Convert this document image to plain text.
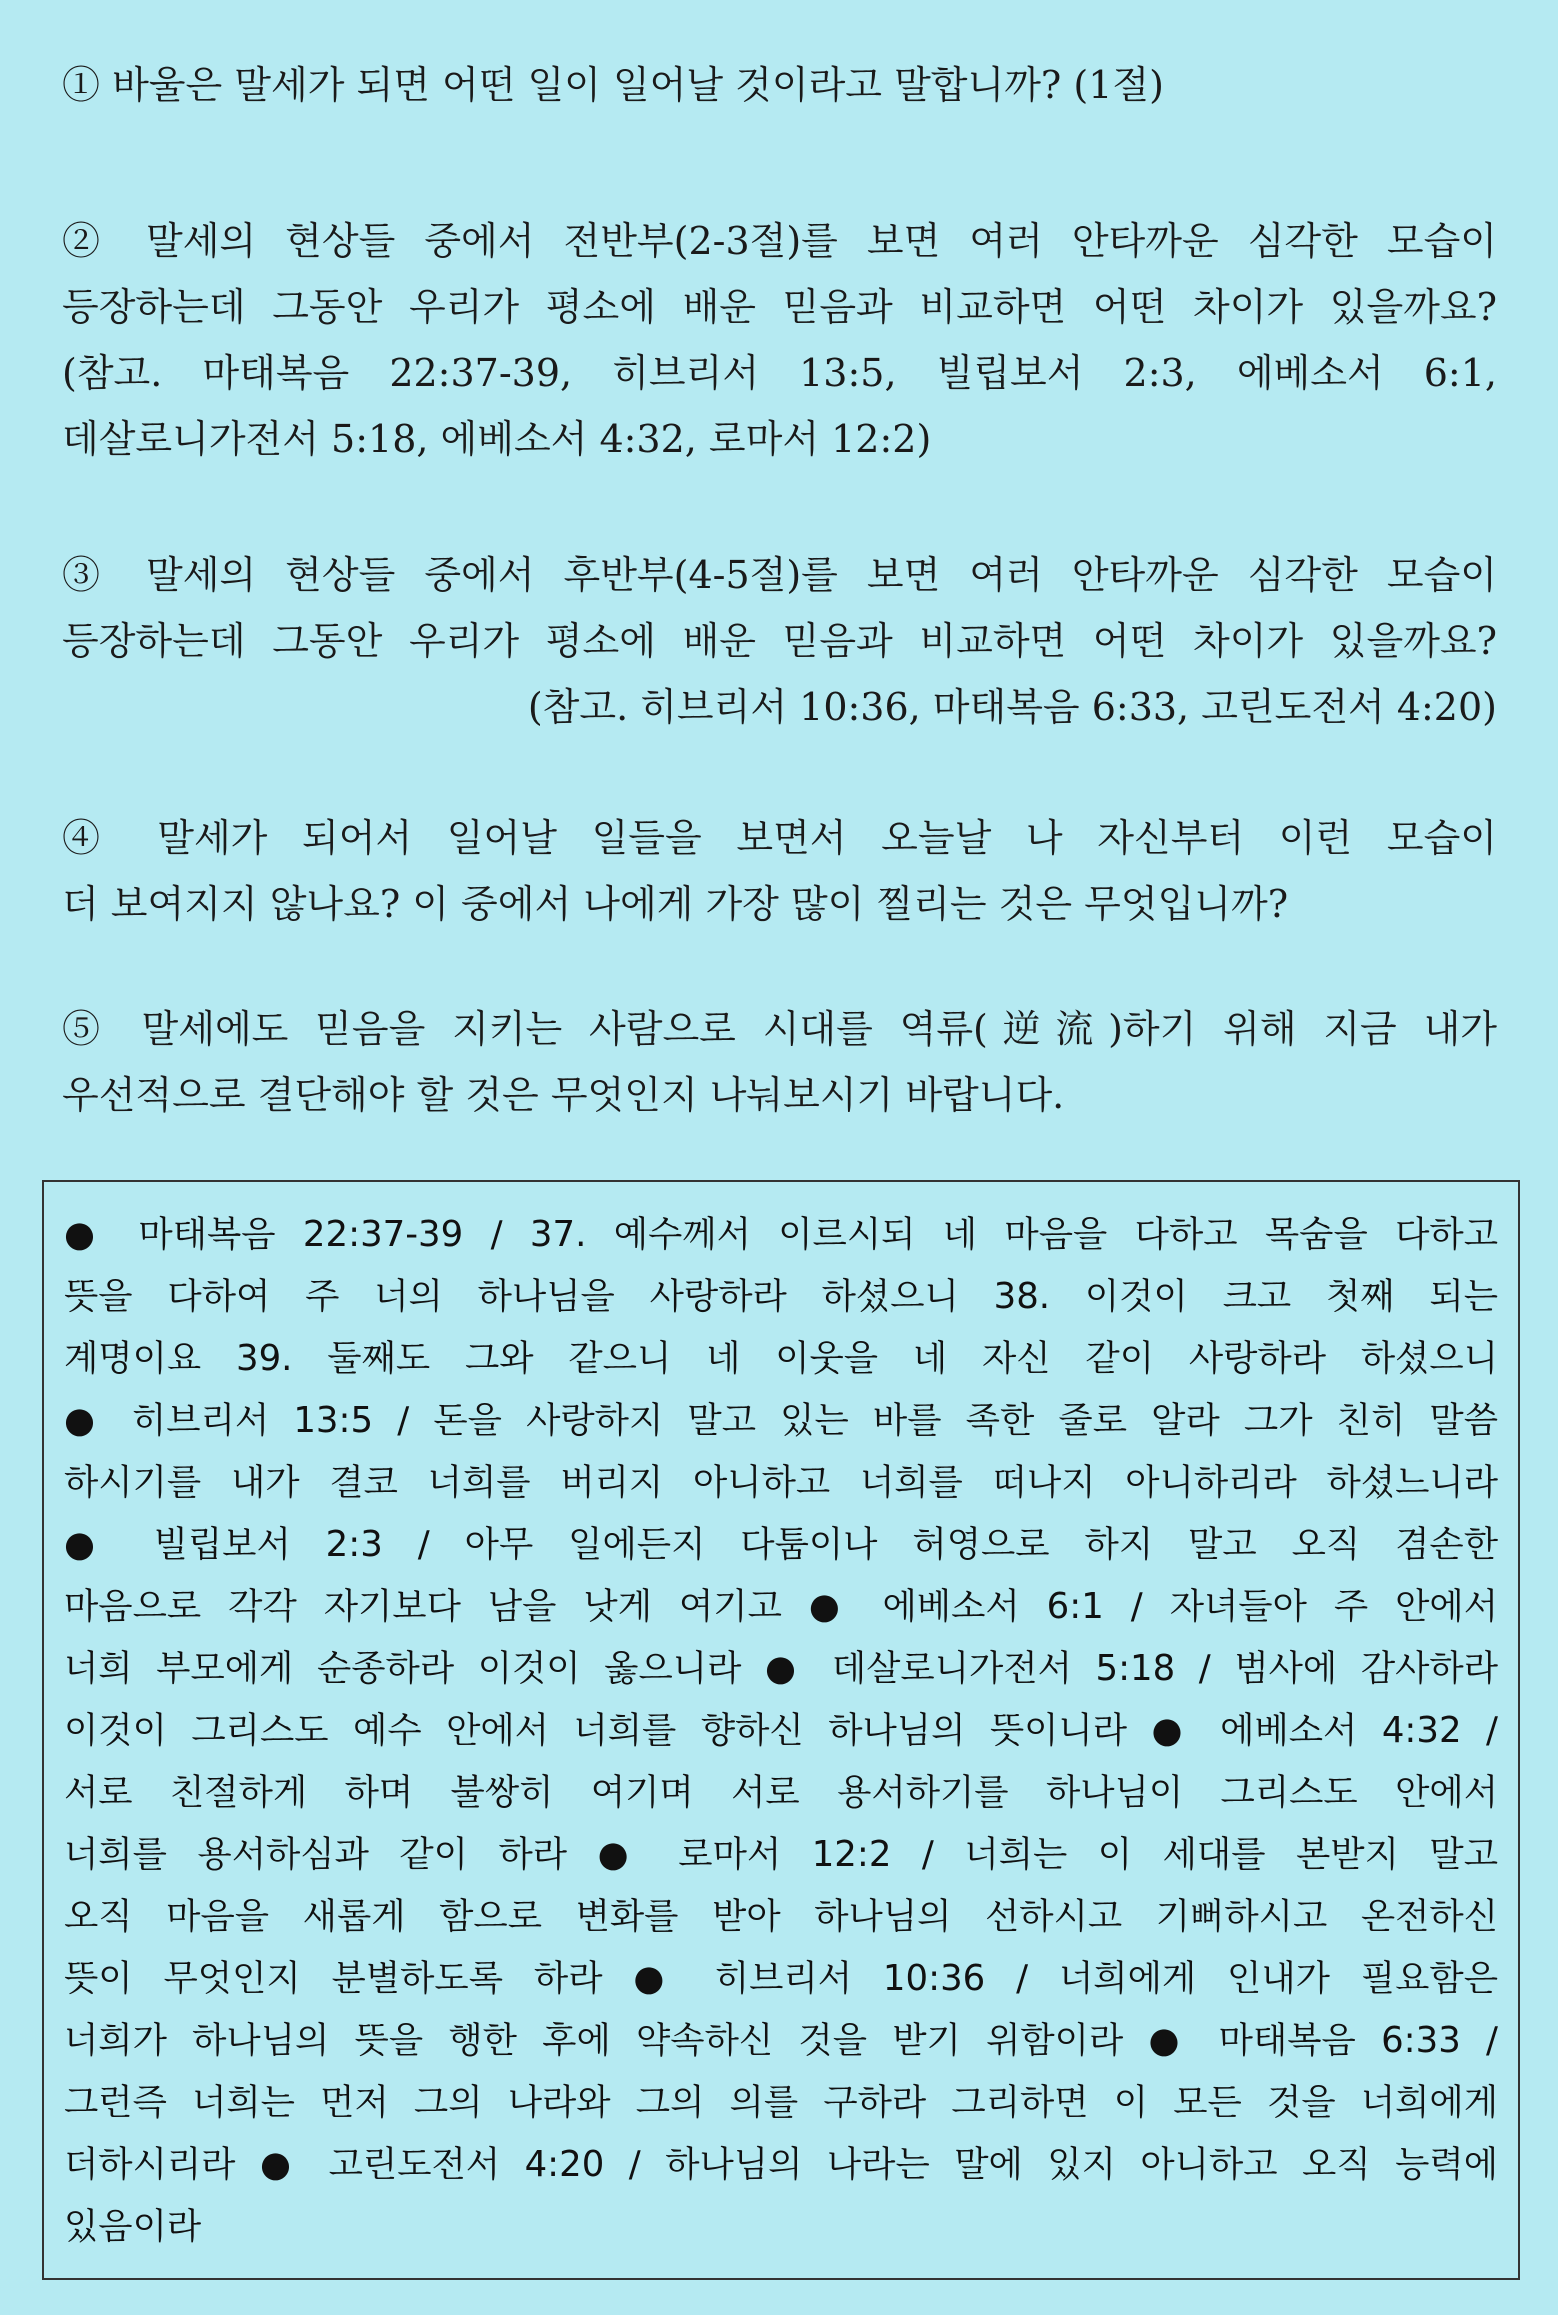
① 바울은 말세가 되면 어떤 일이 일어날 것이라고 말합니까? (1절)
② 말세의 현상들 중에서 전반부(2-3절)를 보면 여러 안타까운 심각한 모습이
등장하는데 그동안 우리가 평소에 배운 믿음과 비교하면 어떤 차이가 있을까요?
(참고. 마태복음 22:37-39, 히브리서 13:5, 빌립보서 2:3, 에베소서 6:1,
데살로니가전서 5:18, 에베소서 4:32, 로마서 12:2)
③ 말세의 현상들 중에서 후반부(4-5절)를 보면 여러 안타까운 심각한 모습이
등장하는데 그동안 우리가 평소에 배운 믿음과 비교하면 어떤 차이가 있을까요?
(참고. 히브리서 10:36, 마태복음 6:33, 고린도전서 4:20)
④ 말세가 되어서 일어날 일들을 보면서 오늘날 나 자신부터 이런 모습이
더 보여지지 않나요? 이 중에서 나에게 가장 많이 찔리는 것은 무엇입니까?
⑤ 말세에도 믿음을 지키는 사람으로 시대를 역류(逆流)하기 위해 지금 내가
우선적으로 결단해야 할 것은 무엇인지 나눠보시기 바랍니다.
● 마태복음 22:37-39 / 37. 예수께서 이르시되 네 마음을 다하고 목숨을 다하고
뜻을 다하여 주 너의 하나님을 사랑하라 하셨으니 38. 이것이 크고 첫째 되는
계명이요 39. 둘째도 그와 같으니 네 이웃을 네 자신 같이 사랑하라 하셨으니
● 히브리서 13:5 / 돈을 사랑하지 말고 있는 바를 족한 줄로 알라 그가 친히 말씀
하시기를 내가 결코 너희를 버리지 아니하고 너희를 떠나지 아니하리라 하셨느니라
● 빌립보서 2:3 / 아무 일에든지 다툼이나 허영으로 하지 말고 오직 겸손한
마음으로 각각 자기보다 남을 낫게 여기고 ● 에베소서 6:1 / 자녀들아 주 안에서
너희 부모에게 순종하라 이것이 옳으니라 ● 데살로니가전서 5:18 / 범사에 감사하라
이것이 그리스도 예수 안에서 너희를 향하신 하나님의 뜻이니라 ● 에베소서 4:32 /
서로 친절하게 하며 불쌍히 여기며 서로 용서하기를 하나님이 그리스도 안에서
너희를 용서하심과 같이 하라 ● 로마서 12:2 / 너희는 이 세대를 본받지 말고
오직 마음을 새롭게 함으로 변화를 받아 하나님의 선하시고 기뻐하시고 온전하신
뜻이 무엇인지 분별하도록 하라 ● 히브리서 10:36 / 너희에게 인내가 필요함은
너희가 하나님의 뜻을 행한 후에 약속하신 것을 받기 위함이라 ● 마태복음 6:33 /
그런즉 너희는 먼저 그의 나라와 그의 의를 구하라 그리하면 이 모든 것을 너희에게
더하시리라 ● 고린도전서 4:20 / 하나님의 나라는 말에 있지 아니하고 오직 능력에
있음이라
